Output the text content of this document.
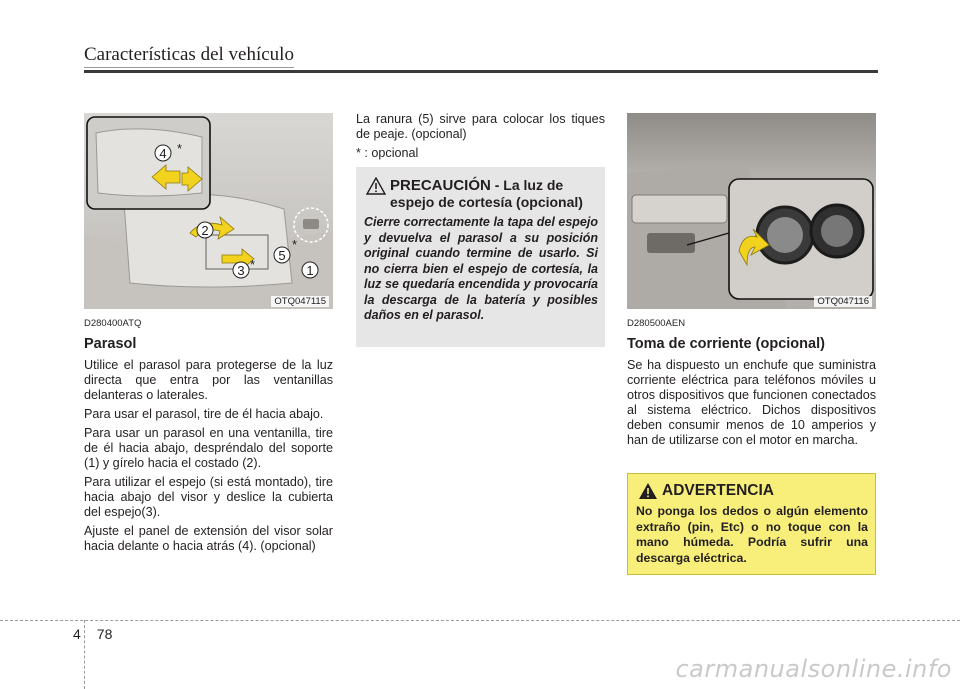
Características del vehículo
4 *
2
3 *
5
*
1
OTQ047115
D280400ATQ
Parasol

Utilice el parasol para protegerse de la luz directa que entra por las ventanillas delanteras o laterales.

Para usar el parasol, tire de él hacia abajo.

Para usar un parasol en una ventanilla, tire de él hacia abajo, despréndalo del soporte (1) y gírelo hacia el costado (2).

Para utilizar el espejo (si está montado), tire hacia abajo del visor y deslice la cubierta del espejo(3).

Ajuste el panel de extensión del visor solar hacia delante o hacia atrás (4). (opcional)

La ranura (5) sirve para colocar los tiques de peaje. (opcional)

* : opcional

PRECAUCIÓN - La luz de
espejo de cortesía (opcional)
Cierre correctamente la tapa del espejo y devuelva el parasol a su posición original cuando termine de usarlo. Si no cierra bien el espejo de cortesía, la luz se quedaría encendida y provocaría la descarga de la batería y posibles daños en el parasol.
OTQ047116
D280500AEN
Toma de corriente (opcional)

Se ha dispuesto un enchufe que suministra corriente eléctrica para teléfonos móviles u otros dispositivos que funcionen conectados al sistema eléctrico. Dichos dispositivos deben consumir menos de 10 amperios y han de utilizarse con el motor en marcha.

ADVERTENCIA
No ponga los dedos o algún elemento extraño (pin, Etc) o no toque con la mano húmeda. Podría sufrir una descarga eléctrica.
4 78
carmanualsonline.info
